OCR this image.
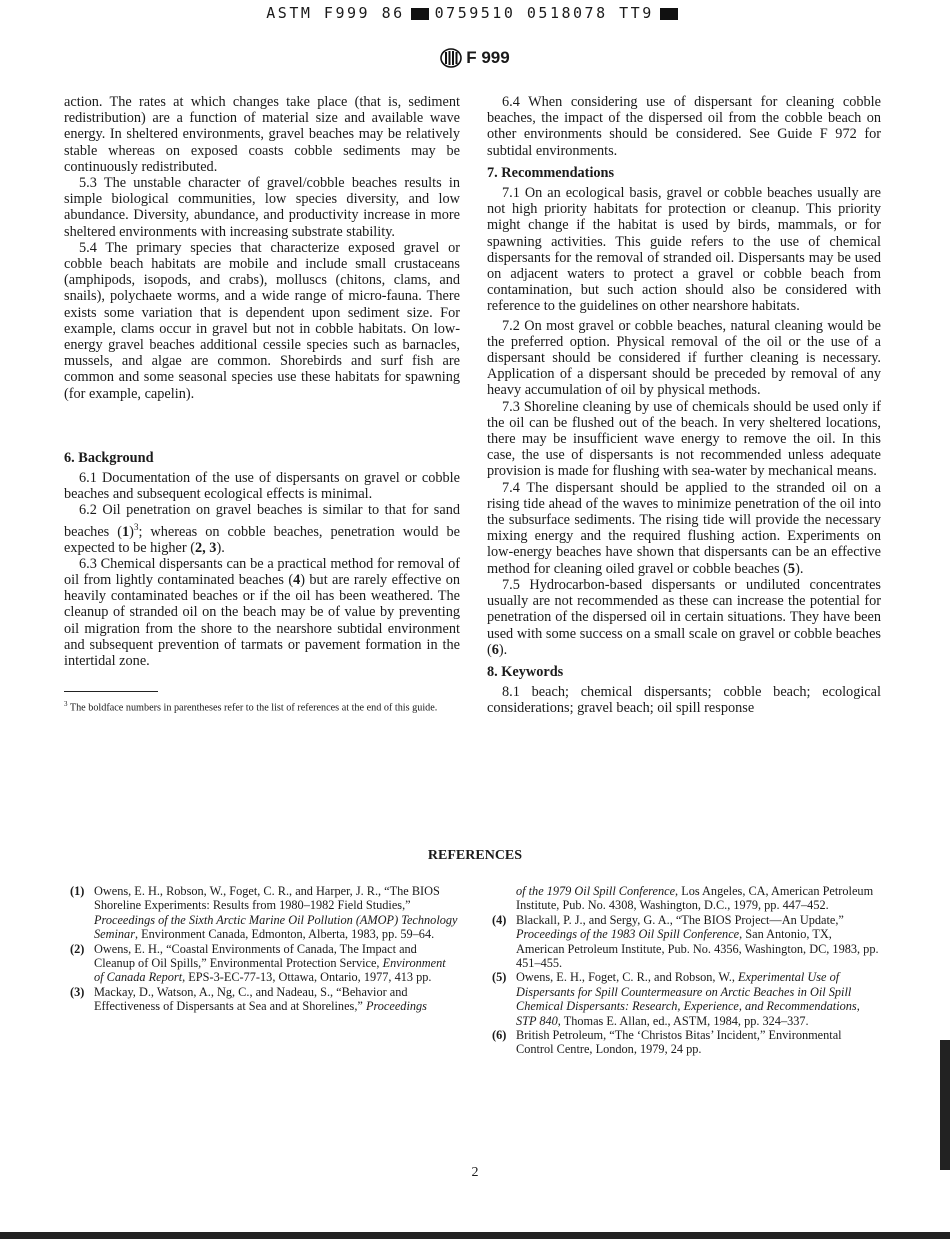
ASTM F999 86 0759510 0518078 TT9
F 999

action. The rates at which changes take place (that is, sediment redistribution) are a function of material size and available wave energy. In sheltered environments, gravel beaches may be relatively stable whereas on exposed coasts cobble sediments may be continuously redistributed.

5.3 The unstable character of gravel/cobble beaches results in simple biological communities, low species diversity, and low abundance. Diversity, abundance, and productivity increase in more sheltered environments with increasing substrate stability.

5.4 The primary species that characterize exposed gravel or cobble beach habitats are mobile and include small crustaceans (amphipods, isopods, and crabs), molluscs (chitons, clams, and snails), polychaete worms, and a wide range of micro-fauna. There exists some variation that is dependent upon sediment size. For example, clams occur in gravel but not in cobble habitats. On low-energy gravel beaches additional cessile species such as barnacles, mussels, and algae are common. Shorebirds and surf fish are common and some seasonal species use these habitats for spawning (for example, capelin).

6. Background

6.1 Documentation of the use of dispersants on gravel or cobble beaches and subsequent ecological effects is minimal.

6.2 Oil penetration on gravel beaches is similar to that for sand beaches $(1)^3$; whereas on cobble beaches, penetration would be expected to be higher (2, 3).

6.3 Chemical dispersants can be a practical method for removal of oil from lightly contaminated beaches (4) but are rarely effective on heavily contaminated beaches or if the oil has been weathered. The cleanup of stranded oil on the beach may be of value by preventing oil migration from the shore to the nearshore subtidal environment and subsequent prevention of tarmats or pavement formation in the intertidal zone.

$^3$ The boldface numbers in parentheses refer to the list of references at the end of this guide.

6.4 When considering use of dispersant for cleaning cobble beaches, the impact of the dispersed oil from the cobble beach on other environments should be considered. See Guide F 972 for subtidal environments.

7. Recommendations

7.1 On an ecological basis, gravel or cobble beaches usually are not high priority habitats for protection or cleanup. This priority might change if the habitat is used by birds, mammals, or for spawning activities. This guide refers to the use of chemical dispersants for the removal of stranded oil. Dispersants may be used on adjacent waters to protect a gravel or cobble beach from contamination, but such action should also be considered with reference to the guidelines on other nearshore habitats.

7.2 On most gravel or cobble beaches, natural cleaning would be the preferred option. Physical removal of the oil or the use of a dispersant should be considered if further cleaning is necessary. Application of a dispersant should be preceded by removal of any heavy accumulation of oil by physical methods.

7.3 Shoreline cleaning by use of chemicals should be used only if the oil can be flushed out of the beach. In very sheltered locations, there may be insufficient wave energy to remove the oil. In this case, the use of dispersants is not recommended unless adequate provision is made for flushing with sea-water by mechanical means.

7.4 The dispersant should be applied to the stranded oil on a rising tide ahead of the waves to minimize penetration of the oil into the subsurface sediments. The rising tide will provide the necessary mixing energy and the required flushing action. Experiments on low-energy beaches have shown that dispersants can be an effective method for cleaning oiled gravel or cobble beaches (5).

7.5 Hydrocarbon-based dispersants or undiluted concentrates usually are not recommended as these can increase the potential for penetration of the dispersed oil in certain situations. They have been used with some success on a small scale on gravel or cobble beaches (6).

8. Keywords

8.1 beach; chemical dispersants; cobble beach; ecological considerations; gravel beach; oil spill response

REFERENCES
(1) Owens, E. H., Robson, W., Foget, C. R., and Harper, J. R., “The BIOS Shoreline Experiments: Results from 1980–1982 Field Studies,” Proceedings of the Sixth Arctic Marine Oil Pollution (AMOP) Technology Seminar, Environment Canada, Edmonton, Alberta, 1983, pp. 59–64.
(2) Owens, E. H., “Coastal Environments of Canada, The Impact and Cleanup of Oil Spills,” Environmental Protection Service, Environment of Canada Report, EPS-3-EC-77-13, Ottawa, Ontario, 1977, 413 pp.
(3) Mackay, D., Watson, A., Ng, C., and Nadeau, S., “Behavior and Effectiveness of Dispersants at Sea and at Shorelines,” Proceedings
of the 1979 Oil Spill Conference, Los Angeles, CA, American Petroleum Institute, Pub. No. 4308, Washington, D.C., 1979, pp. 447–452.
(4) Blackall, P. J., and Sergy, G. A., “The BIOS Project—An Update,” Proceedings of the 1983 Oil Spill Conference, San Antonio, TX, American Petroleum Institute, Pub. No. 4356, Washington, DC, 1983, pp. 451–455.
(5) Owens, E. H., Foget, C. R., and Robson, W., Experimental Use of Dispersants for Spill Countermeasure on Arctic Beaches in Oil Spill Chemical Dispersants: Research, Experience, and Recommendations, STP 840, Thomas E. Allan, ed., ASTM, 1984, pp. 324–337.
(6) British Petroleum, “The ‘Christos Bitas’ Incident,” Environmental Control Centre, London, 1979, 24 pp.
2
